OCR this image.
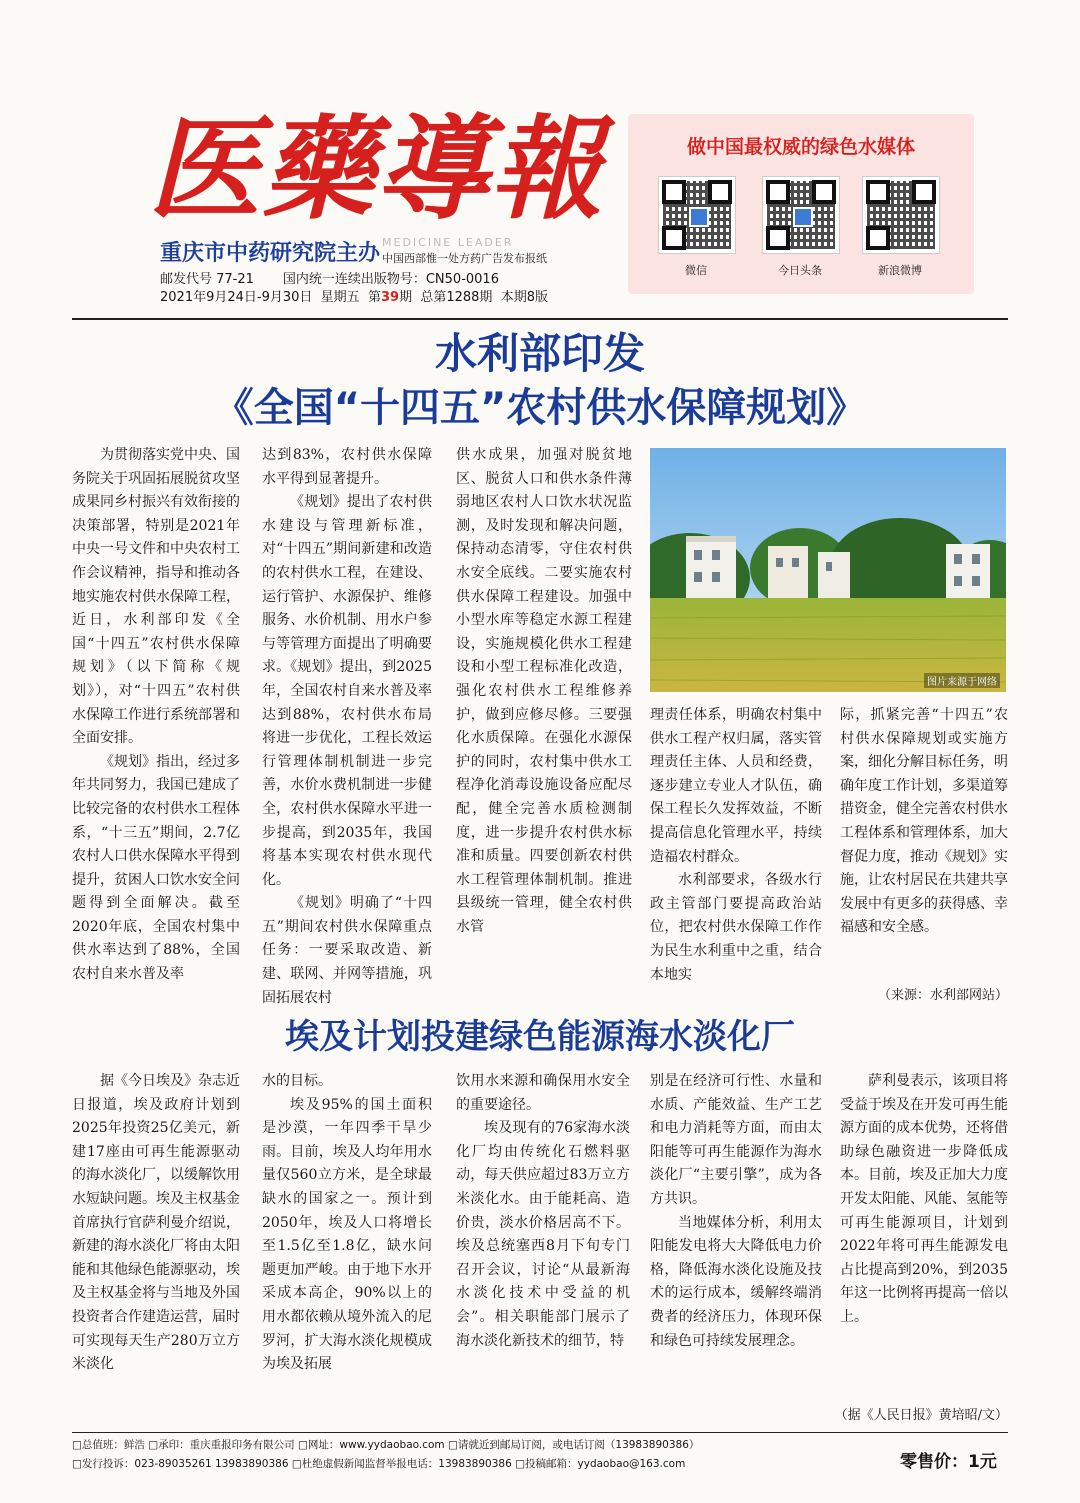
医藥導報
重庆市中药研究院主办 MEDICINE LEADER
中国西部惟一处方药广告发布报纸
邮发代号 77-21 国内统一连续出版物号：CN50-0016
2021年9月24日-9月30日 星期五 第39期 总第1288期 本期8版
做中国最权威的绿色水媒体
微信	今日头条	新浪微博
水利部印发
《全国“十四五”农村供水保障规划》

为贯彻落实党中央、国务院关于巩固拓展脱贫攻坚成果同乡村振兴有效衔接的决策部署，特别是2021年中央一号文件和中央农村工作会议精神，指导和推动各地实施农村供水保障工程，近日，水利部印发《全国“十四五”农村供水保障规划》（以下简称《规划》），对“十四五”农村供水保障工作进行系统部署和全面安排。

《规划》指出，经过多年共同努力，我国已建成了比较完备的农村供水工程体系，“十三五”期间，2.7亿农村人口供水保障水平得到提升，贫困人口饮水安全问题得到全面解决。截至2020年底，全国农村集中供水率达到了88%，全国农村自来水普及率

达到83%，农村供水保障水平得到显著提升。

《规划》提出了农村供水建设与管理新标准，对“十四五”期间新建和改造的农村供水工程，在建设、运行管护、水源保护、维修服务、水价机制、用水户参与等管理方面提出了明确要求。《规划》提出，到2025年，全国农村自来水普及率达到88%，农村供水布局将进一步优化，工程长效运行管理体制机制进一步完善，水价水费机制进一步健全，农村供水保障水平进一步提高，到2035年，我国将基本实现农村供水现代化。

《规划》明确了“十四五”期间农村供水保障重点任务：一要采取改造、新建、联网、并网等措施，巩固拓展农村

供水成果，加强对脱贫地区、脱贫人口和供水条件薄弱地区农村人口饮水状况监测，及时发现和解决问题，保持动态清零，守住农村供水安全底线。二要实施农村供水保障工程建设。加强中小型水库等稳定水源工程建设，实施规模化供水工程建设和小型工程标准化改造，强化农村供水工程维修养护，做到应修尽修。三要强化水质保障。在强化水源保护的同时，农村集中供水工程净化消毒设施设备应配尽配，健全完善水质检测制度，进一步提升农村供水标准和质量。四要创新农村供水工程管理体制机制。推进县级统一管理，健全农村供水管

图片来源于网络

理责任体系，明确农村集中供水工程产权归属，落实管理责任主体、人员和经费，逐步建立专业人才队伍，确保工程长久发挥效益，不断提高信息化管理水平，持续造福农村群众。

水利部要求，各级水行政主管部门要提高政治站位，把农村供水保障工作作为民生水利重中之重，结合本地实

际，抓紧完善“十四五”农村供水保障规划或实施方案，细化分解目标任务，明确年度工作计划，多渠道筹措资金，健全完善农村供水工程体系和管理体系，加大督促力度，推动《规划》实施，让农村居民在共建共享发展中有更多的获得感、幸福感和安全感。

（来源：水利部网站）
埃及计划投建绿色能源海水淡化厂

据《今日埃及》杂志近日报道，埃及政府计划到2025年投资25亿美元，新建17座由可再生能源驱动的海水淡化厂，以缓解饮用水短缺问题。埃及主权基金首席执行官萨利曼介绍说，新建的海水淡化厂将由太阳能和其他绿色能源驱动，埃及主权基金将与当地及外国投资者合作建造运营，届时可实现每天生产280万立方米淡化

水的目标。

埃及95%的国土面积是沙漠，一年四季干旱少雨。目前，埃及人均年用水量仅560立方米，是全球最缺水的国家之一。预计到2050年，埃及人口将增长至1.5亿至1.8亿，缺水问题更加严峻。由于地下水开采成本高企，90%以上的用水都依赖从境外流入的尼罗河，扩大海水淡化规模成为埃及拓展

饮用水来源和确保用水安全的重要途径。

埃及现有的76家海水淡化厂均由传统化石燃料驱动，每天供应超过83万立方米淡化水。由于能耗高、造价贵，淡水价格居高不下。埃及总统塞西8月下旬专门召开会议，讨论“从最新海水淡化技术中受益的机会”。相关职能部门展示了海水淡化新技术的细节，特

别是在经济可行性、水量和水质、产能效益、生产工艺和电力消耗等方面，而由太阳能等可再生能源作为海水淡化厂“主要引擎”，成为各方共识。

当地媒体分析，利用太阳能发电将大大降低电力价格，降低海水淡化设施及技术的运行成本，缓解终端消费者的经济压力，体现环保和绿色可持续发展理念。

萨利曼表示，该项目将受益于埃及在开发可再生能源方面的成本优势，还将借助绿色融资进一步降低成本。目前，埃及正加大力度开发太阳能、风能、氢能等可再生能源项目，计划到2022年将可再生能源发电占比提高到20%，到2035年这一比例将再提高一倍以上。

（据《人民日报》黄培昭/文）
□总值班：鲜浩 □承印：重庆重报印务有限公司 □网址：www.yydaobao.com □请就近到邮局订阅，或电话订阅（13983890386）
□发行投诉：023-89035261 13983890386 □杜绝虚假新闻监督举报电话：13983890386 □投稿邮箱：yydaobao@163.com	零售价：1元
